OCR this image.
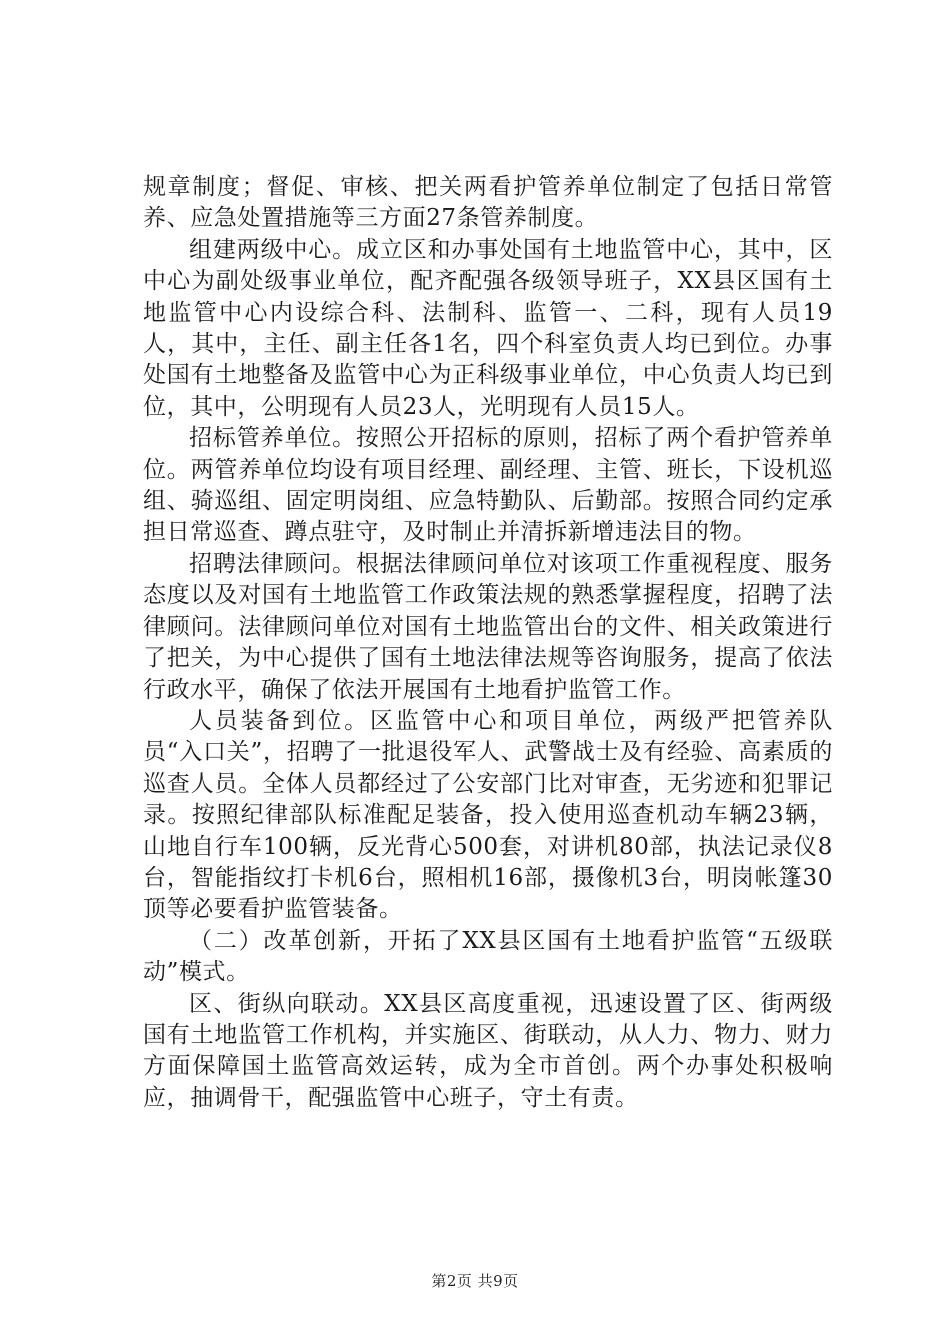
规章制度；督促、审核、把关两看护管养单位制定了包括日常管养、应急处置措施等三方面27条管养制度。

组建两级中心。成立区和办事处国有土地监管中心，其中，区中心为副处级事业单位，配齐配强各级领导班子，XX县区国有土地监管中心内设综合科、法制科、监管一、二科，现有人员19人，其中，主任、副主任各1名，四个科室负责人均已到位。办事处国有土地整备及监管中心为正科级事业单位，中心负责人均已到位，其中，公明现有人员23人，光明现有人员15人。

招标管养单位。按照公开招标的原则，招标了两个看护管养单位。两管养单位均设有项目经理、副经理、主管、班长，下设机巡组、骑巡组、固定明岗组、应急特勤队、后勤部。按照合同约定承担日常巡查、蹲点驻守，及时制止并清拆新增违法目的物。

招聘法律顾问。根据法律顾问单位对该项工作重视程度、服务态度以及对国有土地监管工作政策法规的熟悉掌握程度，招聘了法律顾问。法律顾问单位对国有土地监管出台的文件、相关政策进行了把关，为中心提供了国有土地法律法规等咨询服务，提高了依法行政水平，确保了依法开展国有土地看护监管工作。

人员装备到位。区监管中心和项目单位，两级严把管养队员“入口关”，招聘了一批退役军人、武警战士及有经验、高素质的巡查人员。全体人员都经过了公安部门比对审查，无劣迹和犯罪记录。按照纪律部队标准配足装备，投入使用巡查机动车辆23辆，山地自行车100辆，反光背心500套，对讲机80部，执法记录仪8台，智能指纹打卡机6台，照相机16部，摄像机3台，明岗帐篷30顶等必要看护监管装备。

（二）改革创新，开拓了XX县区国有土地看护监管“五级联动”模式。

区、街纵向联动。XX县区高度重视，迅速设置了区、街两级国有土地监管工作机构，并实施区、街联动，从人力、物力、财力方面保障国土监管高效运转，成为全市首创。两个办事处积极响应，抽调骨干，配强监管中心班子，守土有责。

第2页 共9页
